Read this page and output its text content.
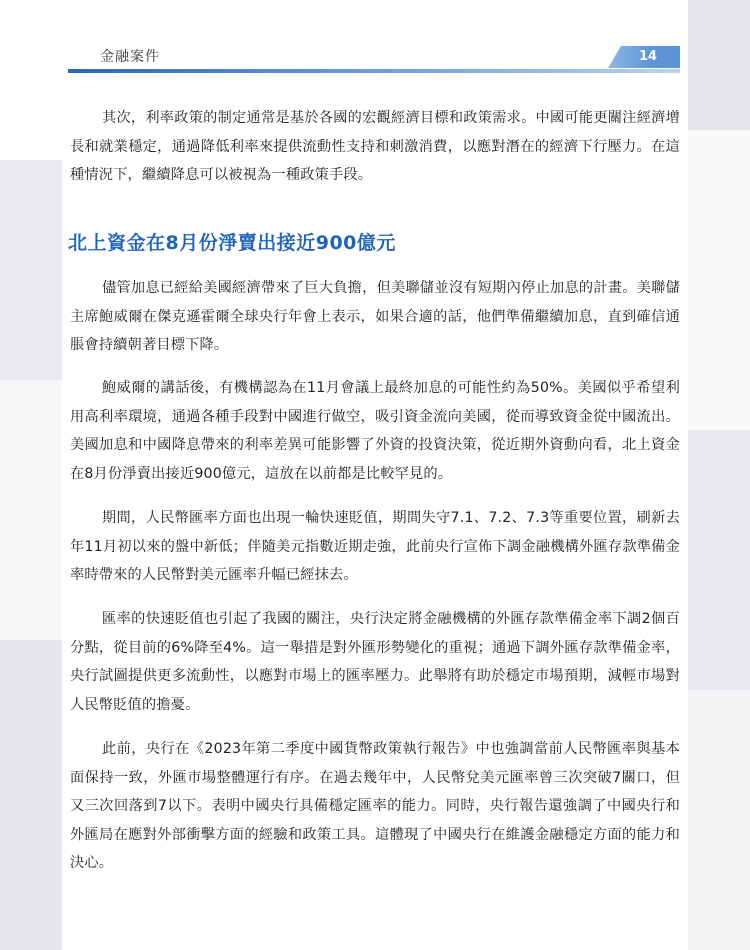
金融案件	14

其次，利率政策的制定通常是基於各國的宏觀經濟目標和政策需求。中國可能更關注經濟增長和就業穩定，通過降低利率來提供流動性支持和刺激消費，以應對潛在的經濟下行壓力。在這種情況下，繼續降息可以被視為一種政策手段。

北上資金在8月份淨賣出接近900億元

儘管加息已經給美國經濟帶來了巨大負擔，但美聯儲並沒有短期內停止加息的計畫。美聯儲主席鮑威爾在傑克遜霍爾全球央行年會上表示，如果合適的話，他們準備繼續加息，直到確信通脹會持續朝著目標下降。

鮑威爾的講話後，有機構認為在11月會議上最終加息的可能性約為50%。美國似乎希望利用高利率環境，通過各種手段對中國進行做空，吸引資金流向美國，從而導致資金從中國流出。美國加息和中國降息帶來的利率差異可能影響了外資的投資決策，從近期外資動向看，北上資金在8月份淨賣出接近900億元，這放在以前都是比較罕見的。

期間，人民幣匯率方面也出現一輪快速貶值，期間失守7.1、7.2、7.3等重要位置，刷新去年11月初以來的盤中新低；伴隨美元指數近期走強，此前央行宣佈下調金融機構外匯存款準備金率時帶來的人民幣對美元匯率升幅已經抹去。

匯率的快速貶值也引起了我國的關注，央行決定將金融機構的外匯存款準備金率下調2個百分點，從目前的6%降至4%。這一舉措是對外匯形勢變化的重視；通過下調外匯存款準備金率，央行試圖提供更多流動性，以應對市場上的匯率壓力。此舉將有助於穩定市場預期，減輕市場對人民幣貶值的擔憂。

此前，央行在《2023年第二季度中國貨幣政策執行報告》中也強調當前人民幣匯率與基本面保持一致，外匯市場整體運行有序。在過去幾年中，人民幣兌美元匯率曾三次突破7關口，但又三次回落到7以下。表明中國央行具備穩定匯率的能力。同時，央行報告還強調了中國央行和外匯局在應對外部衝擊方面的經驗和政策工具。這體現了中國央行在維護金融穩定方面的能力和決心。
